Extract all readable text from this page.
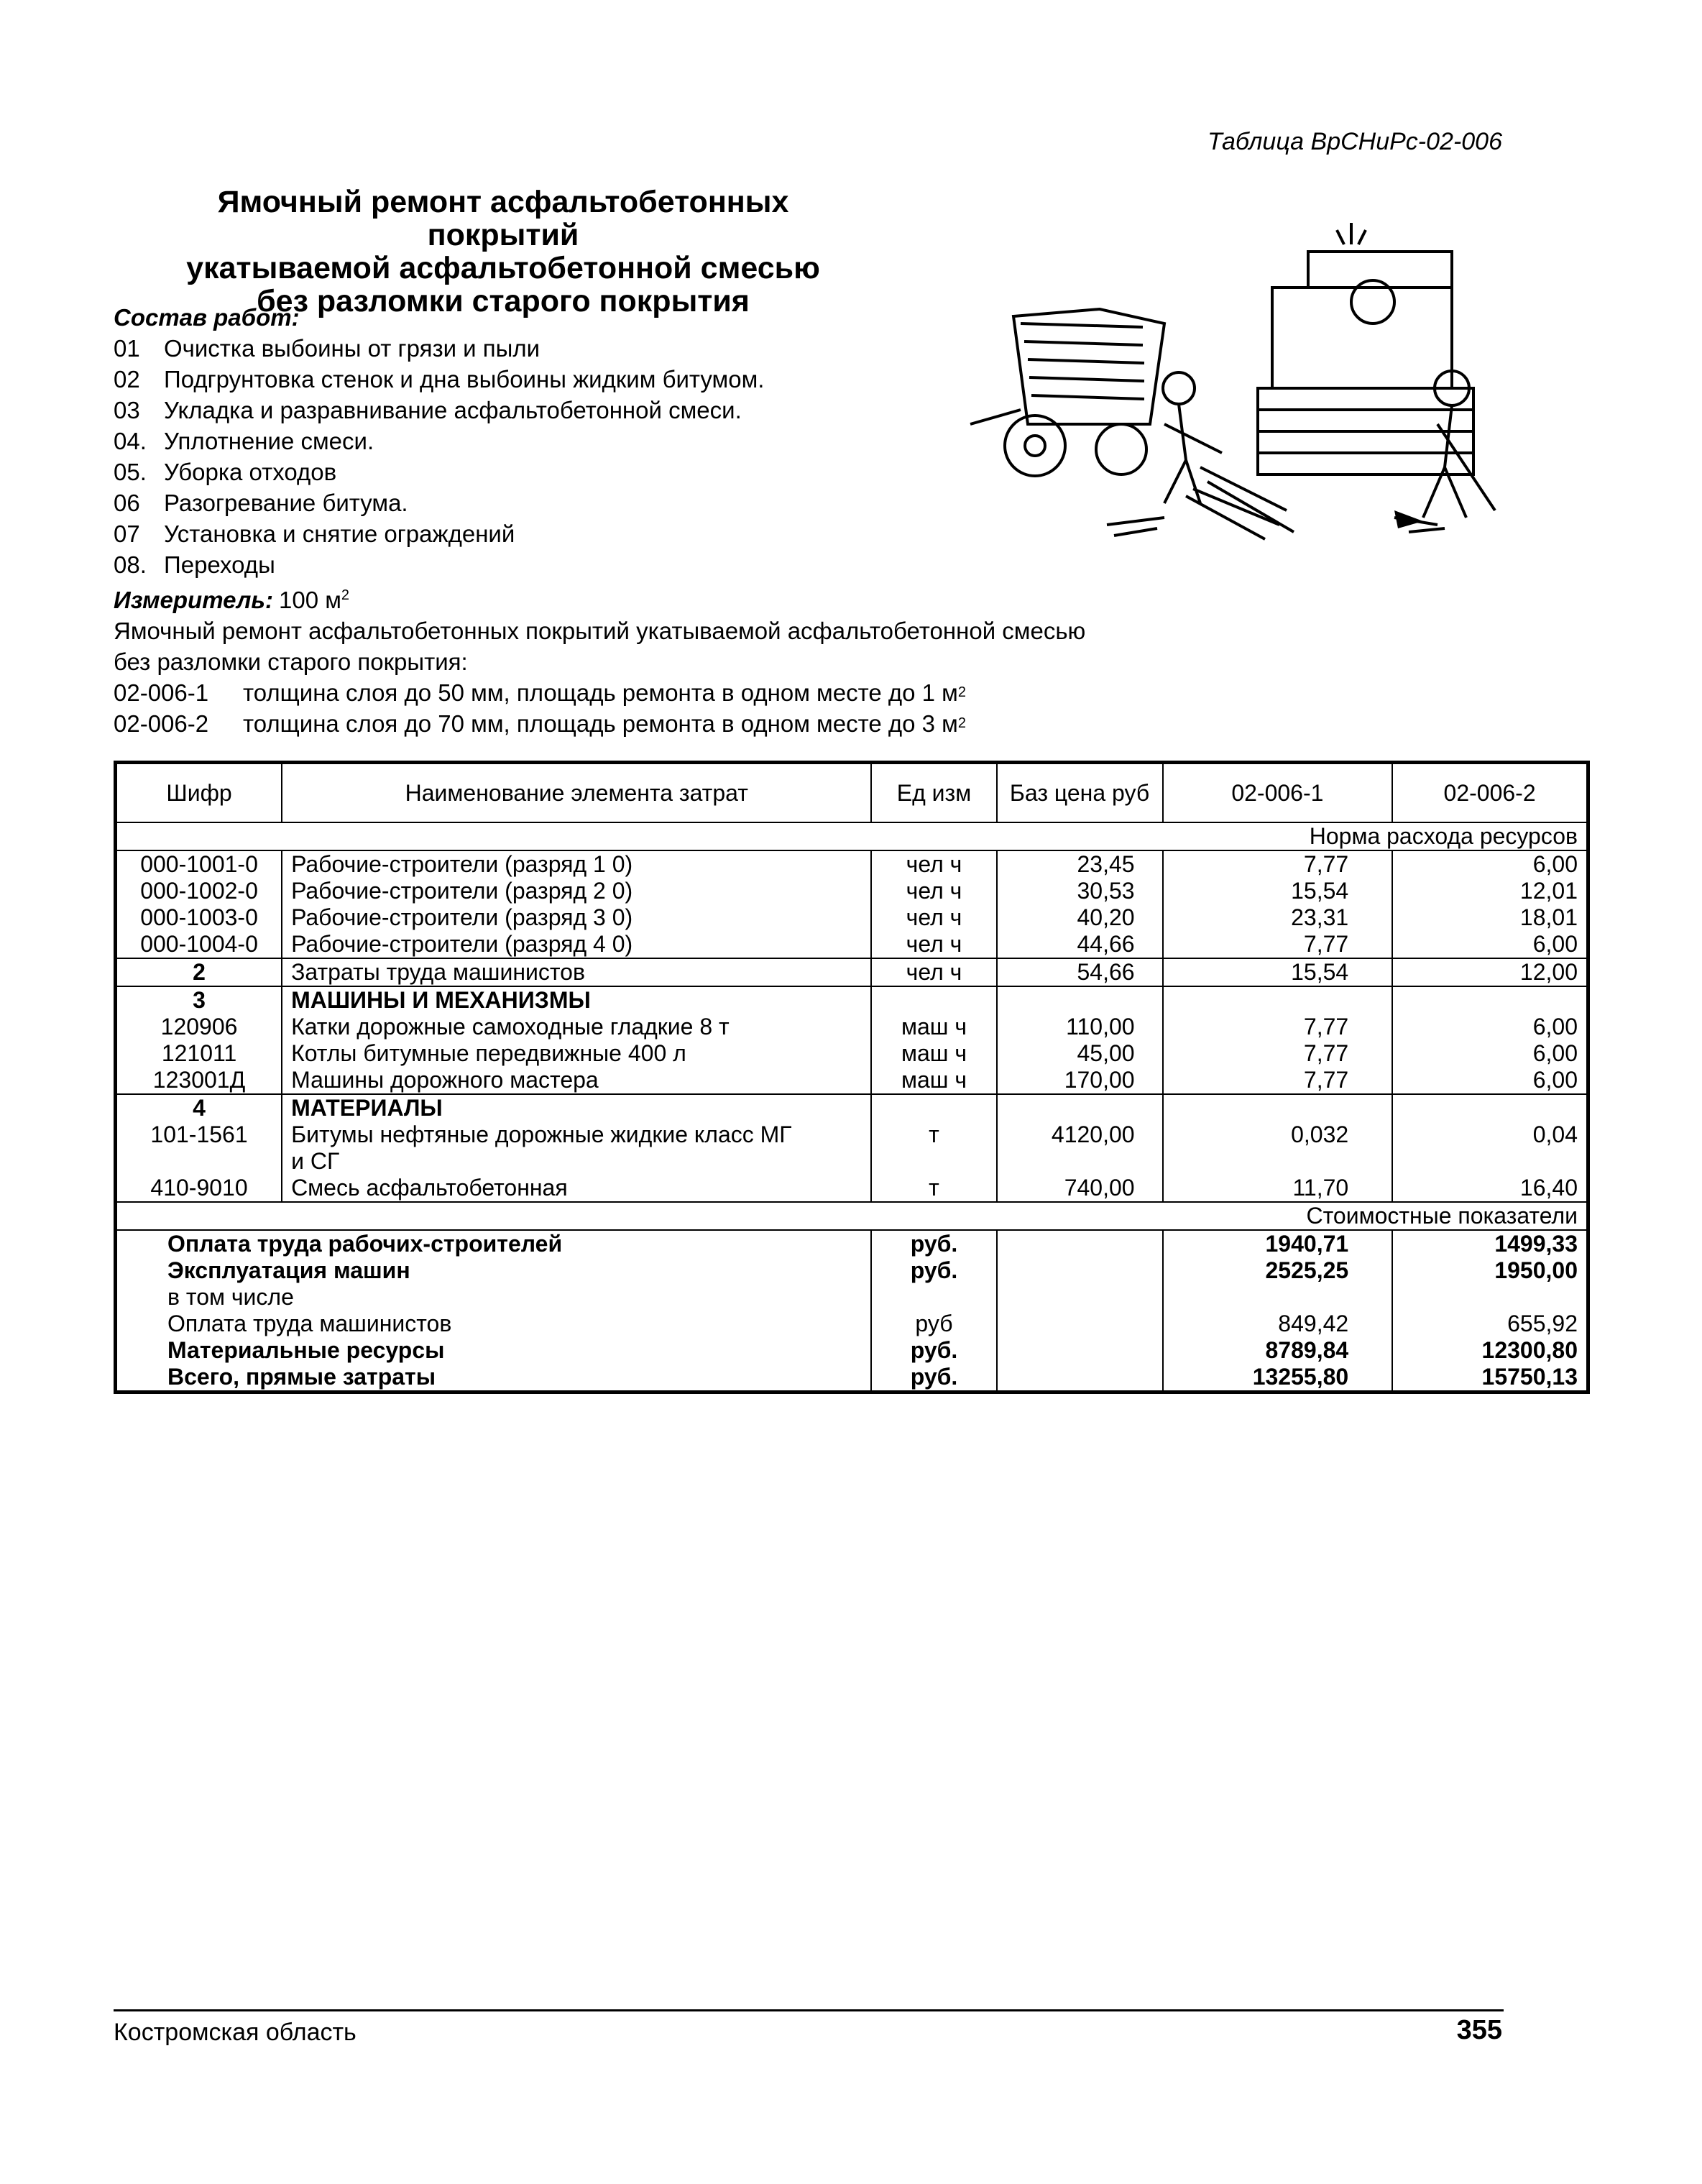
Таблица ВрСНиРс-02-006
Ямочный ремонт асфальтобетонных покрытий
укатываемой асфальтобетонной смесью
без разломки старого покрытия
Состав работ:
01	Очистка выбоины от грязи и пыли
02	Подгрунтовка стенок и дна выбоины жидким битумом.
03	Укладка и разравнивание асфальтобетонной смеси.
04. Уплотнение смеси.
05. Уборка отходов
06	Разогревание битума.
07	Установка и снятие ограждений
08. Переходы
Измеритель: 100 $м^2$
Ямочный ремонт асфальтобетонных покрытий укатываемой асфальтобетонной смесью без разломки старого покрытия:
02-006-1	толщина слоя до 50 мм, площадь ремонта в одном месте до 1 м 2
02-006-2	толщина слоя до 70 мм, площадь ремонта в одном месте до 3 м 2
Шифр	Наименование элемента затрат	Ед изм	Баз цена руб	02-006-1	02-006-2
				Норма расхода ресурсов	
000-1001-0	Рабочие-строители (разряд 1 0)	чел ч	23,45	7,77	6,00
000-1002-0	Рабочие-строители (разряд 2 0)	чел ч	30,53	15,54	12,01
000-1003-0	Рабочие-строители (разряд 3 0)	чел ч	40,20	23,31	18,01
000-1004-0	Рабочие-строители (разряд 4 0)	чел ч	44,66	7,77	6,00
2	Затраты труда машинистов	чел ч	54,66	15,54	12,00
3	МАШИНЫ И МЕХАНИЗМЫ				
120906	Катки дорожные самоходные гладкие 8 т	маш ч	110,00	7,77	6,00
121011	Котлы битумные передвижные 400 л	маш ч	45,00	7,77	6,00
123001Д	Машины дорожного мастера	маш ч	170,00	7,77	6,00
4	МАТЕРИАЛЫ				
101-1561	Битумы нефтяные дорожные жидкие класс МГ
и СГ	т	4120,00	0,032	0,04
410-9010	Смесь асфальтобетонная	т	740,00	11,70	16,40
				Стоимостные показатели	
Оплата труда рабочих-строителей		руб.		1940,71	1499,33
Эксплуатация машин		руб.		2525,25	1950,00
в том числе					
Оплата труда машинистов		руб		849,42	655,92
Материальные ресурсы		руб.		8789,84	12300,80
Всего, прямые затраты		руб.		13255,80	15750,13
Костромская область	355
